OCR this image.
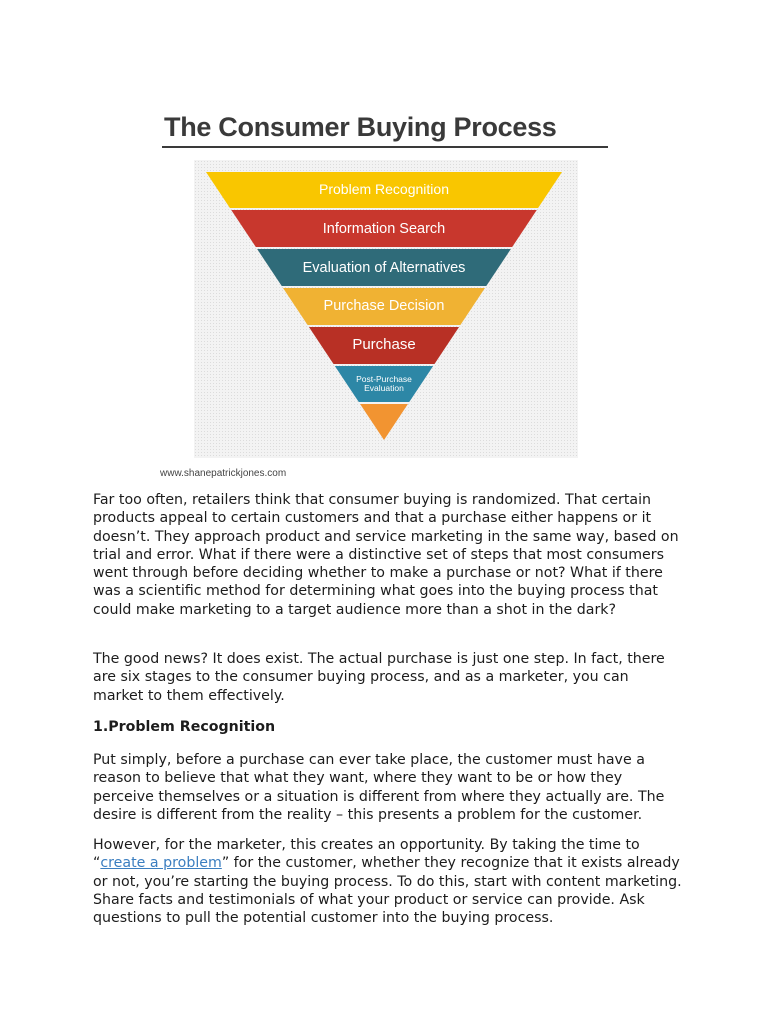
The Consumer Buying Process
Problem Recognition
Information Search
Evaluation of Alternatives
Purchase Decision
Purchase
Post-Purchase
Evaluation
www.shanepatrickjones.com

Far too often, retailers think that consumer buying is randomized. That certain products appeal to certain customers and that a purchase either happens or it doesn’t. They approach product and service marketing in the same way, based on trial and error. What if there were a distinctive set of steps that most consumers went through before deciding whether to make a purchase or not? What if there was a scientific method for determining what goes into the buying process that could make marketing to a target audience more than a shot in the dark?

The good news? It does exist. The actual purchase is just one step. In fact, there are six stages to the consumer buying process, and as a marketer, you can market to them effectively.

1.Problem Recognition

Put simply, before a purchase can ever take place, the customer must have a reason to believe that what they want, where they want to be or how they perceive themselves or a situation is different from where they actually are. The desire is different from the reality – this presents a problem for the customer.

However, for the marketer, this creates an opportunity. By taking the time to “create a problem” for the customer, whether they recognize that it exists already or not, you’re starting the buying process. To do this, start with content marketing. Share facts and testimonials of what your product or service can provide. Ask questions to pull the potential customer into the buying process.
